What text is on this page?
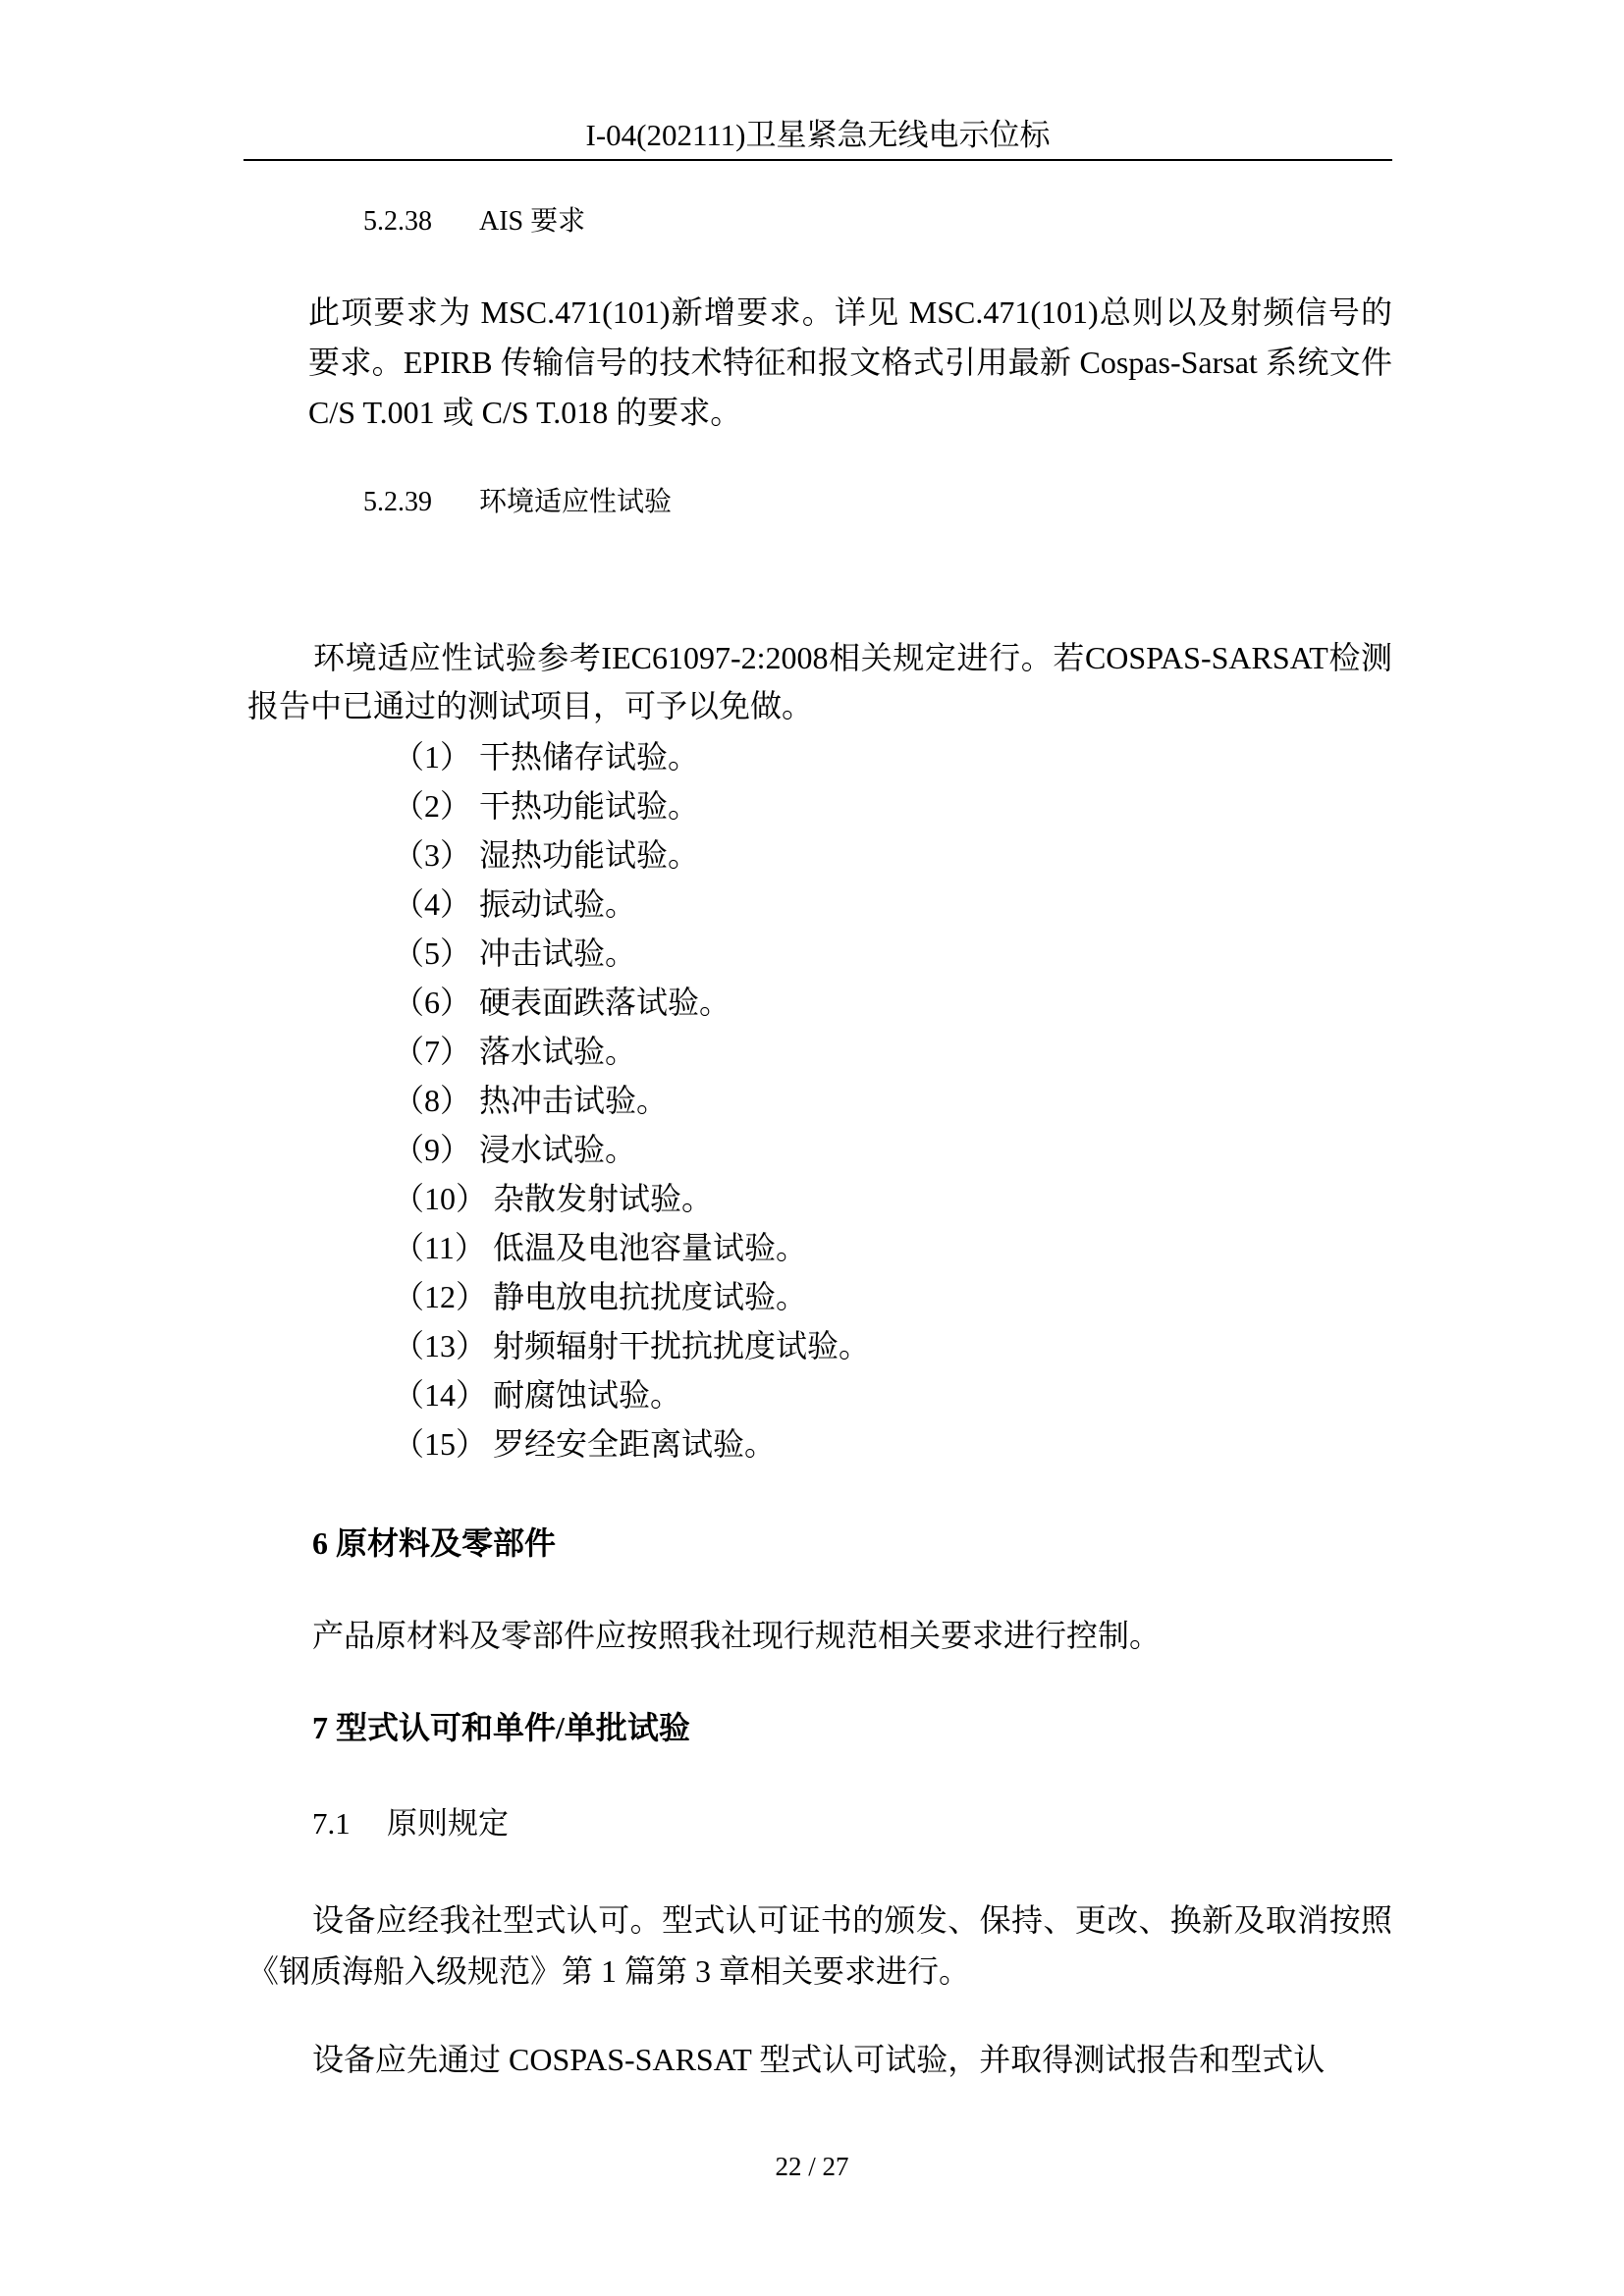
I-04(202111)卫星紧急无线电示位标
5.2.38 AIS 要求
此项要求为 MSC.471(101)新增要求。详见 MSC.471(101)总则以及射频信号的要求。EPIRB 传输信号的技术特征和报文格式引用最新 Cospas-Sarsat 系统文件 C/S T.001 或 C/S T.018 的要求。
5.2.39 环境适应性试验
环境适应性试验参考IEC61097-2:2008相关规定进行。若COSPAS-SARSAT检测报告中已通过的测试项目，可予以免做。
（1） 干热储存试验。
（2） 干热功能试验。
（3） 湿热功能试验。
（4） 振动试验。
（5） 冲击试验。
（6） 硬表面跌落试验。
（7） 落水试验。
（8） 热冲击试验。
（9） 浸水试验。
（10） 杂散发射试验。
（11） 低温及电池容量试验。
（12） 静电放电抗扰度试验。
（13） 射频辐射干扰抗扰度试验。
（14） 耐腐蚀试验。
（15） 罗经安全距离试验。
6 原材料及零部件
产品原材料及零部件应按照我社现行规范相关要求进行控制。
7 型式认可和单件/单批试验
7.1 原则规定
设备应经我社型式认可。型式认可证书的颁发、保持、更改、换新及取消按照《钢质海船入级规范》第 1 篇第 3 章相关要求进行。
设备应先通过 COSPAS-SARSAT 型式认可试验，并取得测试报告和型式认
22 / 27
